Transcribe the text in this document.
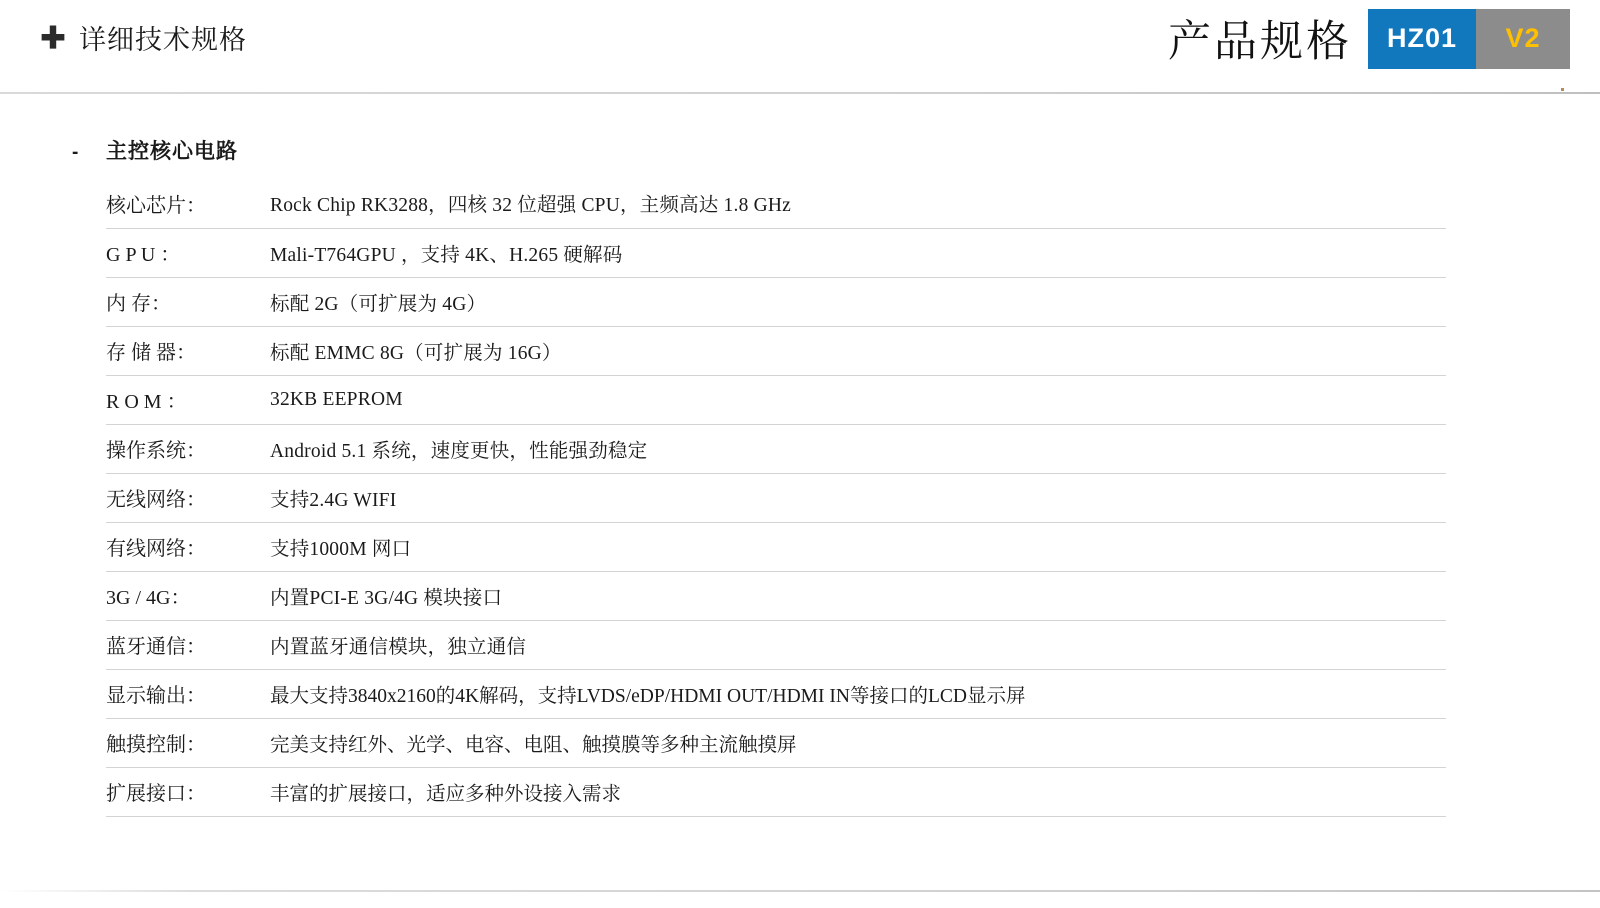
✚ 详细技术规格	产品规格	HZ01	V2
-	主控核心电路
核心芯片：	Rock Chip RK3288，四核 32 位超强 CPU，主频高达 1.8 GHz
G P U ：	Mali-T764GPU ，支持 4K、H.265 硬解码
内 存：	标配 2G（可扩展为 4G）
存 储 器：	标配 EMMC 8G（可扩展为 16G）
R O M ：	32KB EEPROM
操作系统：	Android 5.1 系统，速度更快，性能强劲稳定
无线网络：	支持2.4G WIFI
有线网络：	支持1000M 网口
3G / 4G：	内置PCI-E 3G/4G 模块接口
蓝牙通信：	内置蓝牙通信模块，独立通信
显示输出：	最大支持3840x2160的4K解码，支持LVDS/eDP/HDMI OUT/HDMI IN等接口的LCD显示屏
触摸控制：	完美支持红外、光学、电容、电阻、触摸膜等多种主流触摸屏
扩展接口：	丰富的扩展接口，适应多种外设接入需求
